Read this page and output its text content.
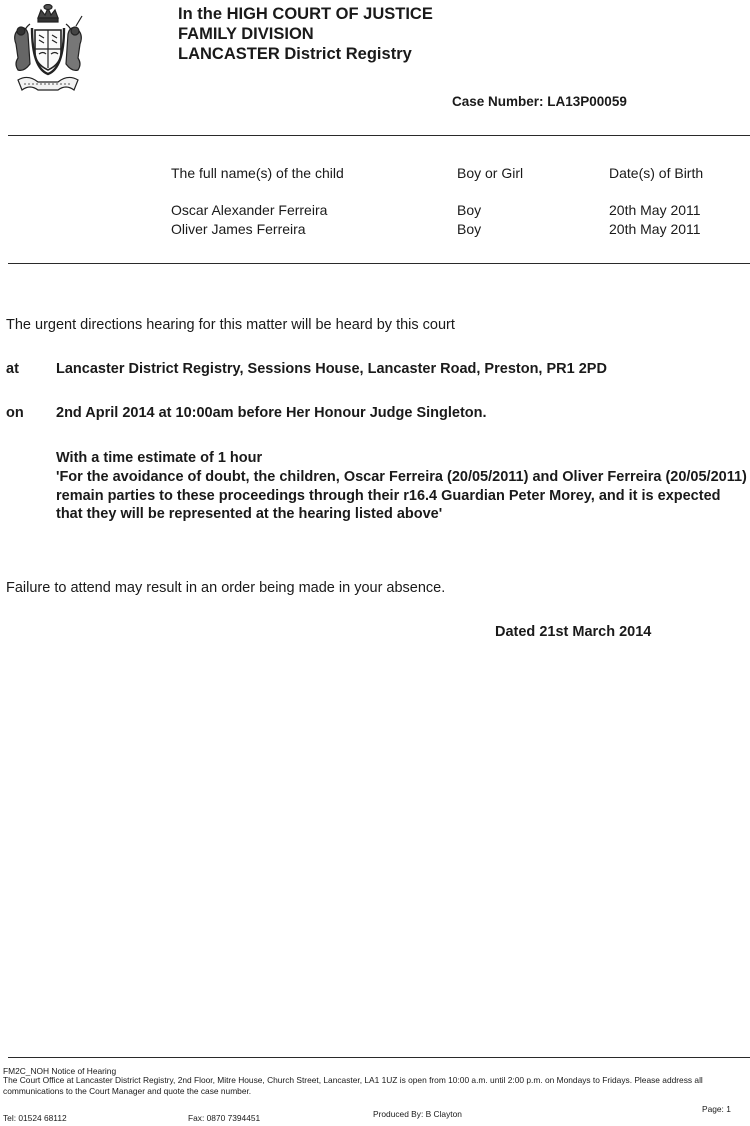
In the HIGH COURT OF JUSTICE
FAMILY DIVISION
LANCASTER District Registry
Case Number: LA13P00059
The full name(s) of the child	Boy or Girl	Date(s) of Birth
Oscar Alexander Ferreira	Boy	20th May 2011
Oliver James Ferreira	Boy	20th May 2011
The urgent directions hearing for this matter will be heard by this court
at	Lancaster District Registry, Sessions House, Lancaster Road, Preston, PR1 2PD
on 2nd April 2014 at 10:00am before Her Honour Judge Singleton.
With a time estimate of 1 hour
'For the avoidance of doubt, the children, Oscar Ferreira (20/05/2011) and Oliver Ferreira (20/05/2011) remain parties to these proceedings through their r16.4 Guardian Peter Morey, and it is expected that they will be represented at the hearing listed above'
Failure to attend may result in an order being made in your absence.
Dated 21st March 2014
FM2C_NOH Notice of Hearing
The Court Office at Lancaster District Registry, 2nd Floor, Mitre House, Church Street, Lancaster, LA1 1UZ is open from 10:00 a.m. until 2:00 p.m. on Mondays to Fridays. Please address all communications to the Court Manager and quote the case number.
Tel: 01524 68112	Fax: 0870 7394451	Produced By: B Clayton	Page: 1
